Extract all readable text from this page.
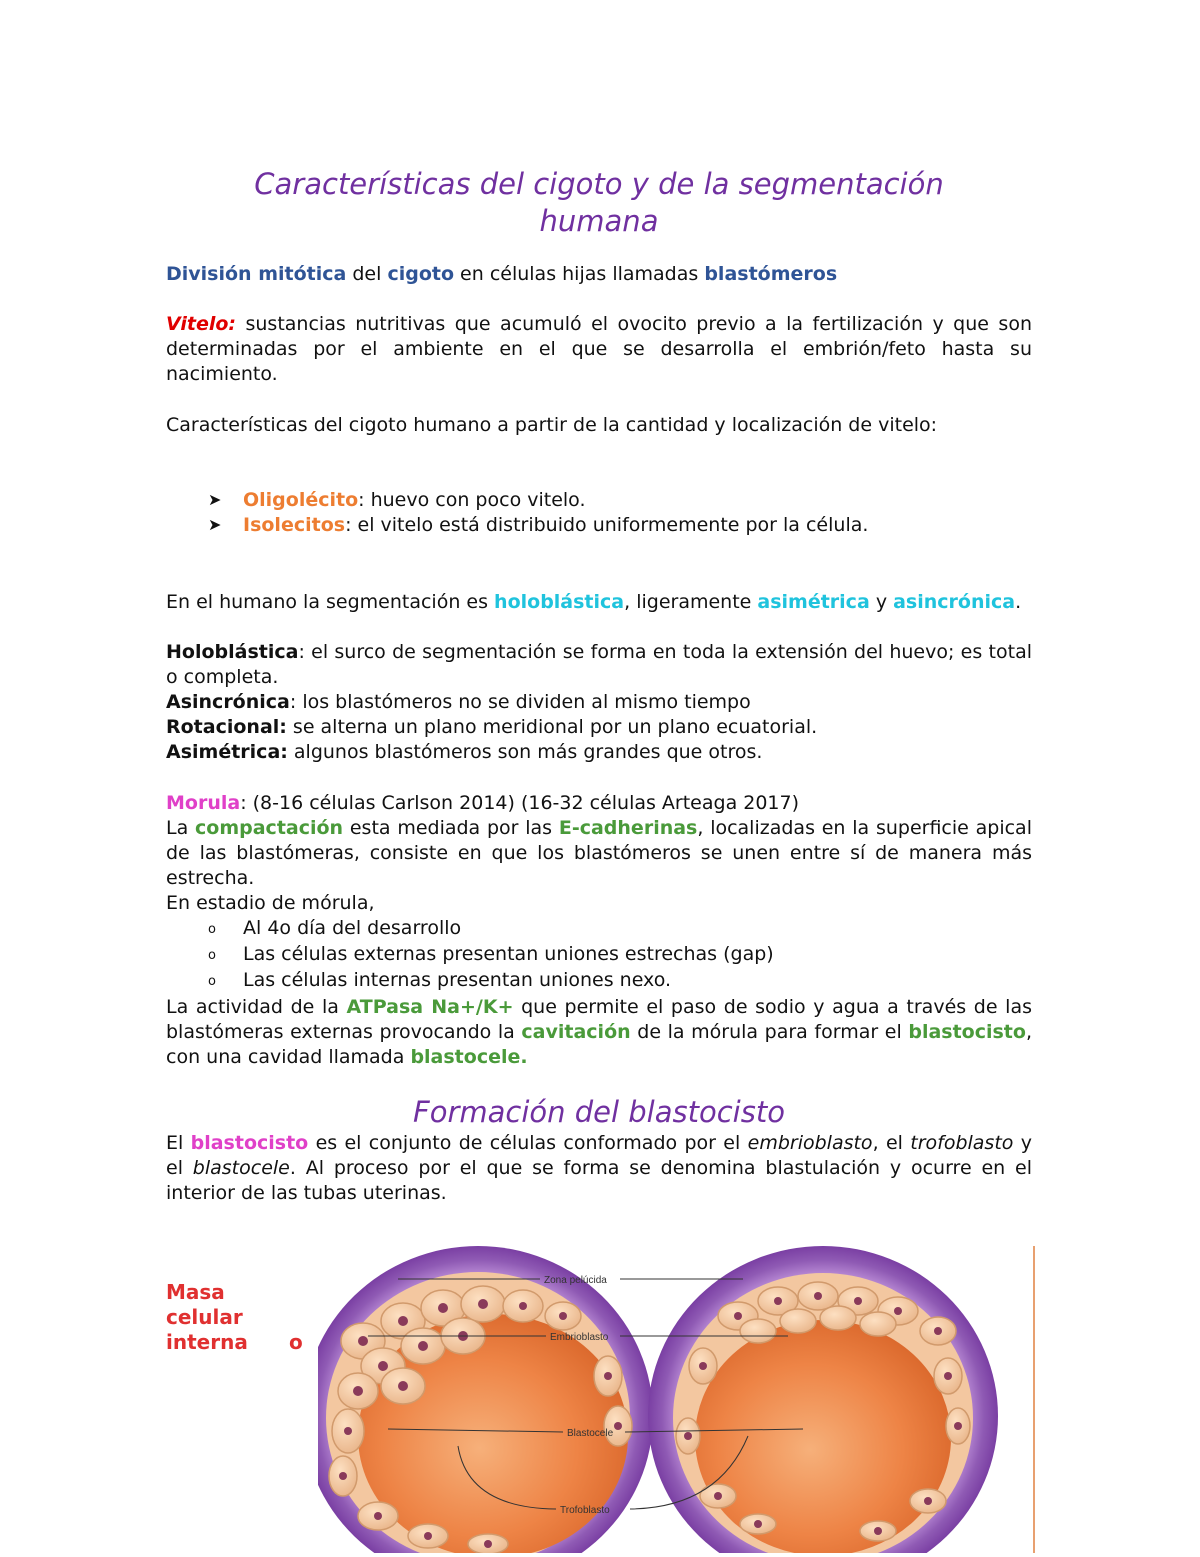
Características del cigoto y de la segmentación
humana
División mitótica del cigoto en células hijas llamadas blastómeros
Vitelo: sustancias nutritivas que acumuló el ovocito previo a la fertilización y que son determinadas por el ambiente en el que se desarrolla el embrión/feto hasta su nacimiento.
Características del cigoto humano a partir de la cantidad y localización de vitelo:
➤ Oligolécito: huevo con poco vitelo.
➤ Isolecitos: el vitelo está distribuido uniformemente por la célula.
En el humano la segmentación es holoblástica, ligeramente asimétrica y asincrónica.
Holoblástica: el surco de segmentación se forma en toda la extensión del huevo; es total o completa.
Asincrónica: los blastómeros no se dividen al mismo tiempo
Rotacional: se alterna un plano meridional por un plano ecuatorial.
Asimétrica: algunos blastómeros son más grandes que otros.
Morula: (8-16 células Carlson 2014) (16-32 células Arteaga 2017)
La compactación esta mediada por las E-cadherinas, localizadas en la superficie apical de las blastómeras, consiste en que los blastómeros se unen entre sí de manera más estrecha.
En estadio de mórula,
o Al 4o día del desarrollo
o Las células externas presentan uniones estrechas (gap)
o Las células internas presentan uniones nexo.
La actividad de la ATPasa Na+/K+ que permite el paso de sodio y agua a través de las blastómeras externas provocando la cavitación de la mórula para formar el blastocisto, con una cavidad llamada blastocele.
Formación del blastocisto
El blastocisto es el conjunto de células conformado por el embrioblasto, el trofoblasto y el blastocele. Al proceso por el que se forma se denomina blastulación y ocurre en el interior de las tubas uterinas.
Masa
celular
interna o
Zona pelúcida
Embrioblasto
Blastocele
Trofoblasto
